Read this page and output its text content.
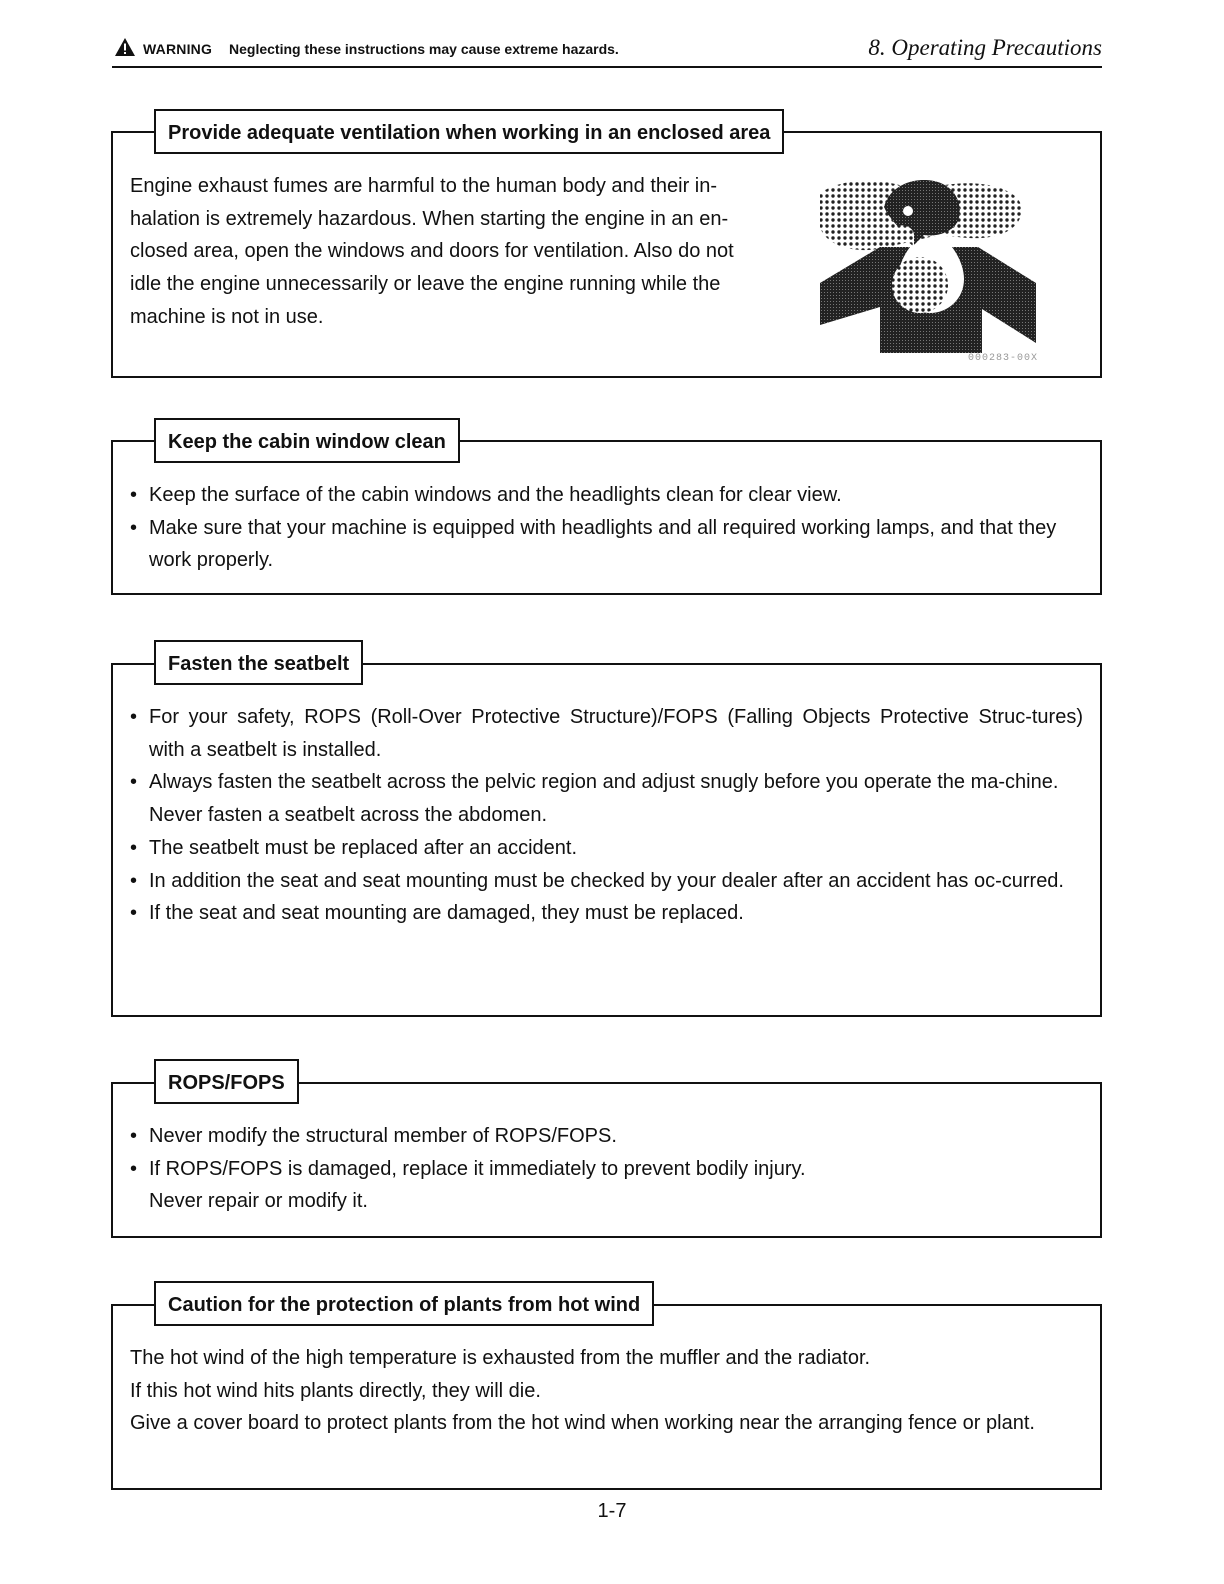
WARNING Neglecting these instructions may cause extreme hazards.	8. Operating Precautions
Provide adequate ventilation when working in an enclosed area

Engine exhaust fumes are harmful to the human body and their in-

halation is extremely hazardous. When starting the engine in an en-

closed area, open the windows and doors for ventilation. Also do not

idle the engine unnecessarily or leave the engine running while the

machine is not in use.

000283-00X
Keep the cabin window clean
• Keep the surface of the cabin windows and the headlights clean for clear view.
• Make sure that your machine is equipped with headlights and all required working lamps, and that they work properly.
Fasten the seatbelt
• For your safety, ROPS (Roll-Over Protective Structure)/FOPS (Falling Objects Protective Struc-tures) with a seatbelt is installed.
• Always fasten the seatbelt across the pelvic region and adjust snugly before you operate the ma-chine.
Never fasten a seatbelt across the abdomen.
• The seatbelt must be replaced after an accident.
• In addition the seat and seat mounting must be checked by your dealer after an accident has oc-curred.
• If the seat and seat mounting are damaged, they must be replaced.
ROPS/FOPS
• Never modify the structural member of ROPS/FOPS.
• If ROPS/FOPS is damaged, replace it immediately to prevent bodily injury.
Never repair or modify it.
Caution for the protection of plants from hot wind

The hot wind of the high temperature is exhausted from the muffler and the radiator.

If this hot wind hits plants directly, they will die.

Give a cover board to protect plants from the hot wind when working near the arranging fence or plant.

1-7
